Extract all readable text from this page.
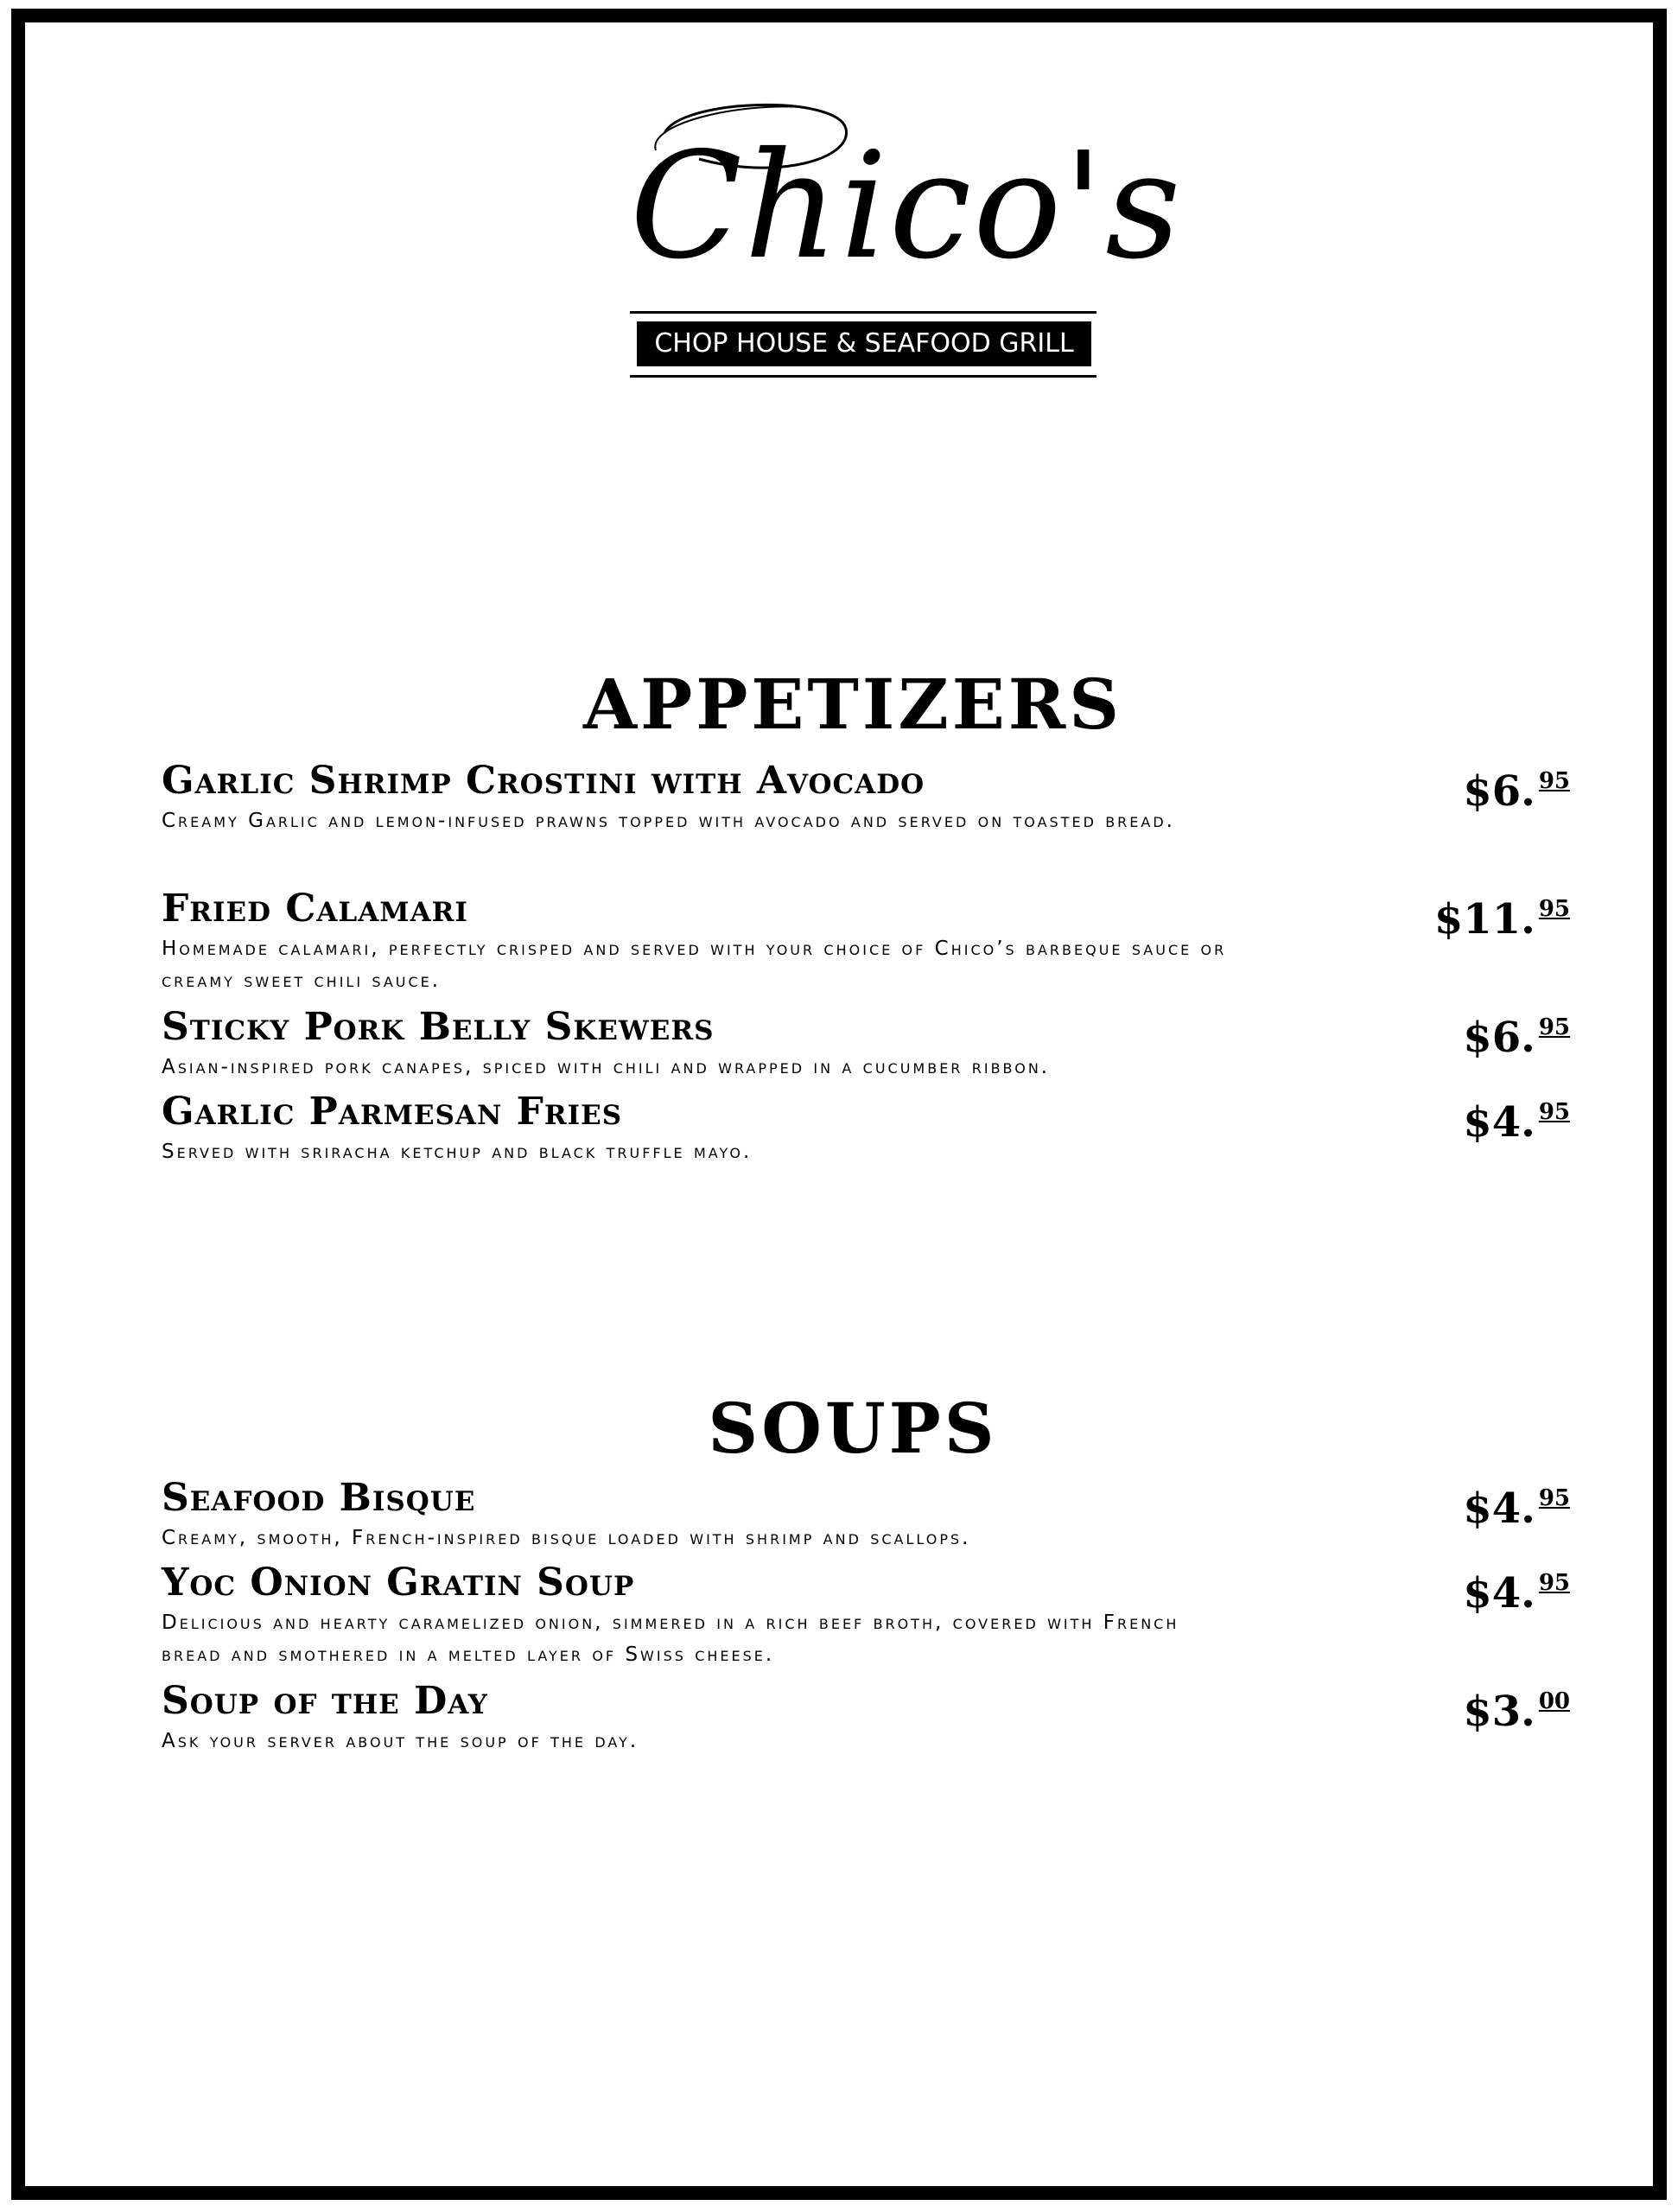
Chico's
CHOP HOUSE & SEAFOOD GRILL
APPETIZERS
Garlic Shrimp Crostini with Avocado
Creamy Garlic and lemon-infused prawns topped with avocado and served on toasted bread.
$6. $^{95}$
Fried Calamari
Homemade calamari, perfectly crisped and served with your choice of Chico’s barbeque sauce or creamy sweet chili sauce.
$11. $^{95}$
Sticky Pork Belly Skewers
Asian-inspired pork canapes, spiced with chili and wrapped in a cucumber ribbon.
$6. $^{95}$
Garlic Parmesan Fries
Served with sriracha ketchup and black truffle mayo.
$4. $^{95}$
SOUPS
Seafood Bisque
Creamy, smooth, French-inspired bisque loaded with shrimp and scallops.
$4. $^{95}$
Yoc Onion Gratin Soup
Delicious and hearty caramelized onion, simmered in a rich beef broth, covered with French bread and smothered in a melted layer of Swiss cheese.
$4. $^{95}$
Soup of the Day
Ask your server about the soup of the day.
$3. $^{00}$
